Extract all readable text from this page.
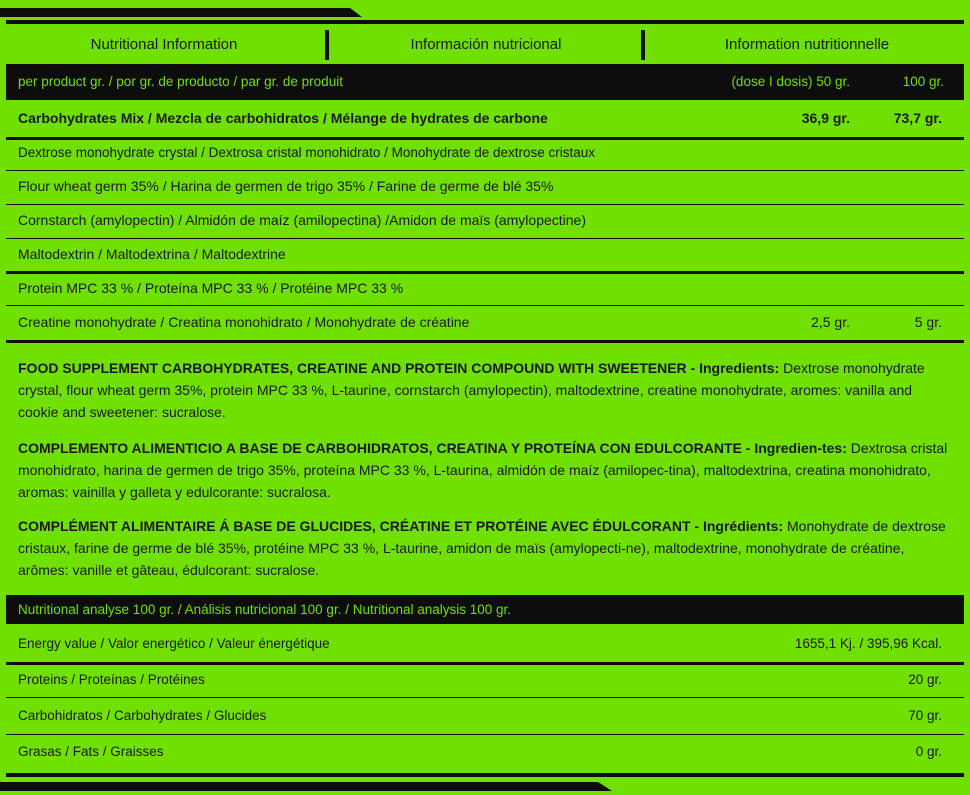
Nutritional Information	Información nutricional	Information nutritionnelle
per product gr. / por gr. de producto / par gr. de produit	(dose I dosis) 50 gr.	100 gr.
Carbohydrates Mix / Mezcla de carbohidratos / Mélange de hydrates de carbone	36,9 gr.	73,7 gr.
Dextrose monohydrate crystal / Dextrosa cristal monohidrato / Monohydrate de dextrose cristaux
Flour wheat germ 35% / Harina de germen de trigo 35% / Farine de germe de blé 35%
Cornstarch (amylopectin) / Almidón de maíz (amilopectina) /Amidon de maïs (amylopectine)
Maltodextrin / Maltodextrina / Maltodextrine
Protein MPC 33 % / Proteína MPC 33 % / Protéine MPC 33 %
Creatine monohydrate / Creatina monohidrato / Monohydrate de créatine	2,5 gr.	5 gr.
FOOD SUPPLEMENT CARBOHYDRATES, CREATINE AND PROTEIN COMPOUND WITH SWEETENER - Ingredients: Dextrose monohydrate crystal, flour wheat germ 35%, protein MPC 33 %, L-taurine, cornstarch (amylopectin), maltodextrine, creatine monohydrate, aromes: vanilla and cookie and sweetener: sucralose.
COMPLEMENTO ALIMENTICIO A BASE DE CARBOHIDRATOS, CREATINA Y PROTEÍNA CON EDULCORANTE - Ingredien-tes: Dextrosa cristal monohidrato, harina de germen de trigo 35%, proteína MPC 33 %, L-taurina, almidón de maíz (amilopec-tina), maltodextrina, creatina monohidrato, aromas: vainilla y galleta y edulcorante: sucralosa.
COMPLÉMENT ALIMENTAIRE Á BASE DE GLUCIDES, CRÉATINE ET PROTÉINE AVEC ÉDULCORANT - Ingrédients: Monohydrate de dextrose cristaux, farine de germe de blé 35%, protéine MPC 33 %, L-taurine, amidon de maïs (amylopecti-ne), maltodextrine, monohydrate de créatine, arômes: vanille et gâteau, édulcorant: sucralose.
Nutritional analyse 100 gr. / Análisis nutricional 100 gr. / Nutritional analysis 100 gr.
Energy value / Valor energético / Valeur énergétique	1655,1 Kj. / 395,96 Kcal.
Proteins / Proteínas / Protéines	20 gr.
Carbohidratos / Carbohydrates / Glucides	70 gr.
Grasas / Fats / Graisses	0 gr.
